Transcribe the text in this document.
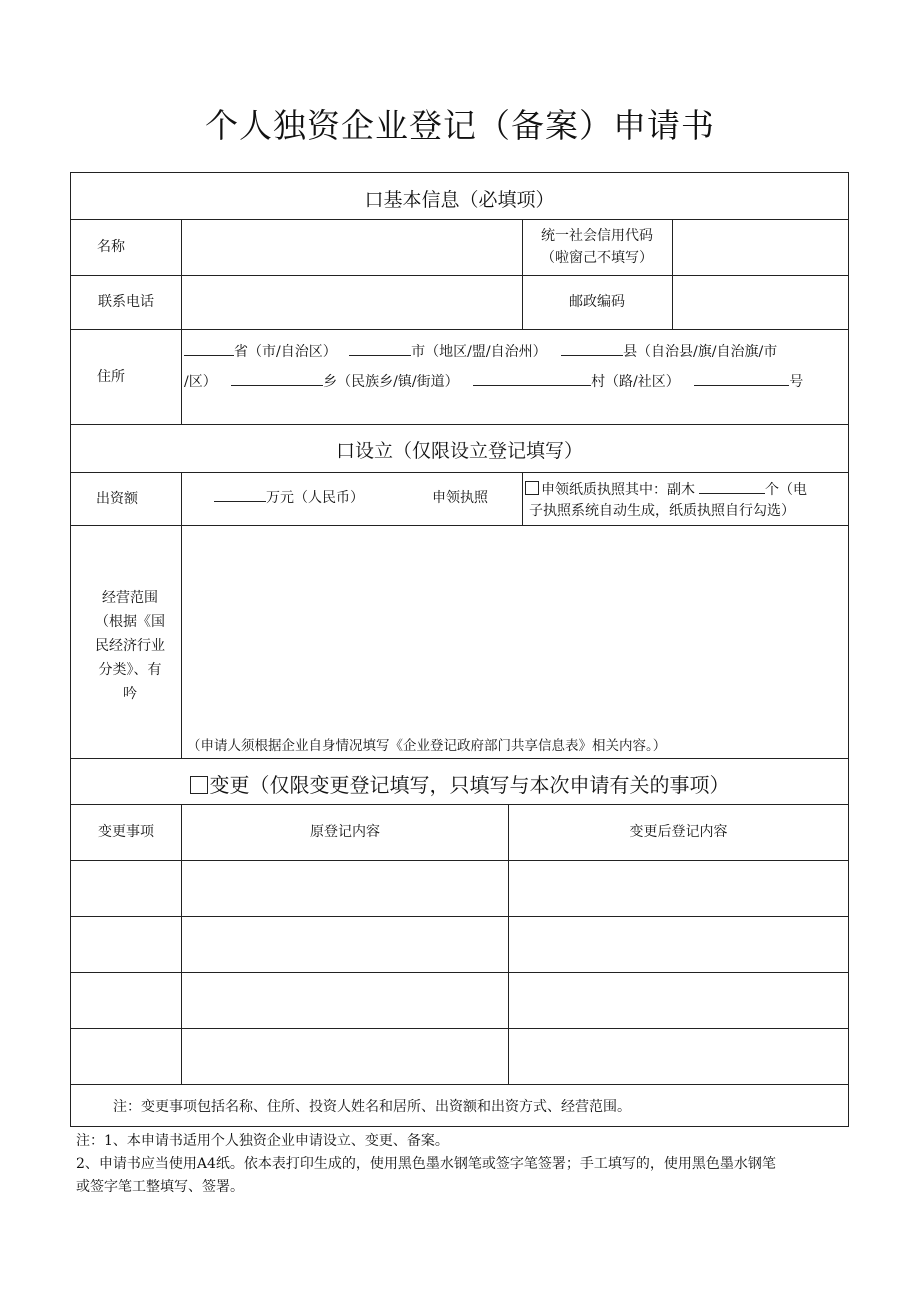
个人独资企业登记（备案）申请书
口基本信息（必填项）
名称
统一社会信用代码
（啦窗己不填写）
联系电话	邮政编码
住所
省（市/自治区）	市（地区/盟/自治州）	县（自治县/旗/自治旗/市
/区）	乡（民族乡/镇/街道）	村（路/社区）	号
口设立（仅限设立登记填写）
出资额	万元（人民币）	申领执照	申领纸质执照其中：副木	个（电
子执照系统自动生成，纸质执照自行勾选）
经营范围
（根据《国
民经济行业
分类》、有
吟
（申请人须根据企业自身情况填写《企业登记政府部门共享信息表》相关内容。）
变更（仅限变更登记填写，只填写与本次申请有关的事项）
变更事项	原登记内容	变更后登记内容
注：变更事项包括名称、住所、投资人姓名和居所、出资额和出资方式、经营范围。
注：1、本申请书适用个人独资企业申请设立、变更、备案。
2、申请书应当使用A4纸。依本表打印生成的，使用黑色墨水钢笔或签字笔签署；手工填写的，使用黑色墨水钢笔
或签字笔工整填写、签署。
